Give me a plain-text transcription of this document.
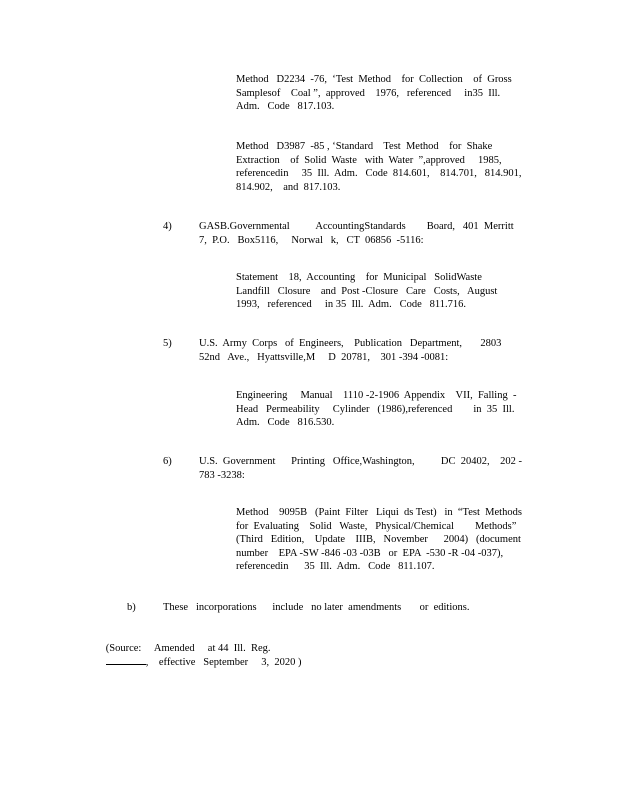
Method   D2234  -76,  ‘Test  Method    for  Collection    of  Gross
Samplesof    Coal ”,  approved    1976,   referenced     in35  Ill.
Adm.   Code   817.103.
Method   D3987  -85 , ‘Standard    Test  Method    for  Shake
Extraction    of  Solid  Waste   with  Water  ”,approved     1985,
referencedin     35  Ill.  Adm.   Code  814.601,    814.701,   814.901,
814.902,    and  817.103.
4)	GASB.Governmental          AccountingStandards        Board,   401  Merritt
7,  P.O.   Box5116,     Norwal   k,   CT  06856  -5116:
Statement    18,  Accounting    for  Municipal   SolidWaste
Landfill   Closure    and  Post -Closure   Care   Costs,   August
1993,   referenced     in 35  Ill.  Adm.   Code   811.716.
5)	U.S.  Army  Corps   of  Engineers,    Publication   Department,       2803
52nd   Ave.,   Hyattsville,M     D  20781,    301 -394 -0081:
Engineering     Manual    1110 -2-1906  Appendix    VII,  Falling  -
Head   Permeability     Cylinder   (1986),referenced        in  35  Ill.
Adm.   Code   816.530.
6)	U.S.  Government      Printing   Office,Washington,          DC  20402,    202 -
783 -3238:
Method    9095B   (Paint  Filter   Liqui  ds Test)   in  “Test  Methods
for  Evaluating    Solid   Waste,   Physical/Chemical        Methods”
(Third   Edition,    Update    IIIB,   November      2004)   (document
number    EPA -SW -846 -03 -03B   or  EPA  -530 -R -04 -037),
referencedin      35  Ill.  Adm.   Code   811.107.
b)	These   incorporations      include   no later  amendments       or  editions.

(Source:     Amended     at 44  Ill.  Reg.
,    effective   September     3,  2020 )
